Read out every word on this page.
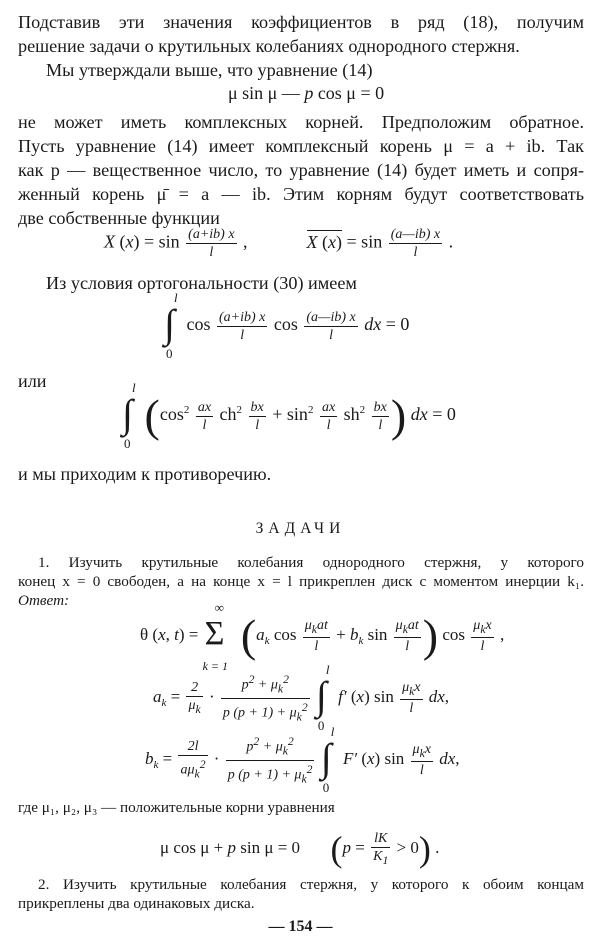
Подставив эти значения коэффициентов в ряд (18), получим
решение задачи о крутильных колебаниях однородного стержня.
Мы утверждали выше, что уравнение (14)
μ sin μ — p cos μ = 0
не может иметь комплексных корней. Предположим обратное.
Пусть уравнение (14) имеет комплексный корень μ = a + ib. Так
как p — вещественное число, то уравнение (14) будет иметь и сопря-
женный корень μ̄ = a — ib. Этим корням будут соответствовать
две собственные функции
X $(x) = \sin \frac{(a+ib) x}{l}$ ,	X $(x) = \sin \frac{(a—ib) x}{l}$ .
Из условия ортогональности (30) имеем
l
∫
0
$\cos \frac{(a+ib) x}{l}$ $\cos \frac{(a—ib) x}{l}$ dx = 0
или	l
∫
0
($\cos^2 \frac{ax}{l} ch^2 \frac{bx}{l} + \sin^2 \frac{ax}{l} sh^2 \frac{bx}{l}$ ) dx = 0
и мы приходим к противоречию.
ЗАДАЧИ
1. Изучить крутильные колебания однородного стержня, у которого
конец x = 0 свободен, а на конце x = l прикреплен диск с моментом инерции k₁.
Ответ:
θ (x, t) =
∞
Σ
k = 1
($a_k$ $\cos \frac{\mu_kat}{l} + b_k$ $\sin \frac{\mu_kat}{l}$ ) $\cos \frac{\mu_kx}{l}$ ,
$a_k = \frac{2}{\mu_k} \cdot \frac{p^2 + \mu_k^2}{p (p + 1) + \mu_k^2}$

l
∫
0
f′ (x) $\sin \frac{\mu_kx}{l}$ dx,
$b_k = \frac{2l}{a\mu_k^2} \cdot \frac{p^2 + \mu_k^2}{p (p + 1) + \mu_k^2}$

l
∫
0
F′ (x) $\sin \frac{\mu_kx}{l}$ dx,
где μ₁, μ₂, μ₃ — положительные корни уравнения
μ cos μ + p sin μ = 0  $(p = \frac{lK}{K_1} > 0)$ .
2. Изучить крутильные колебания стержня, у которого к обоим концам
прикреплены два одинаковых диска.
— 154 —
